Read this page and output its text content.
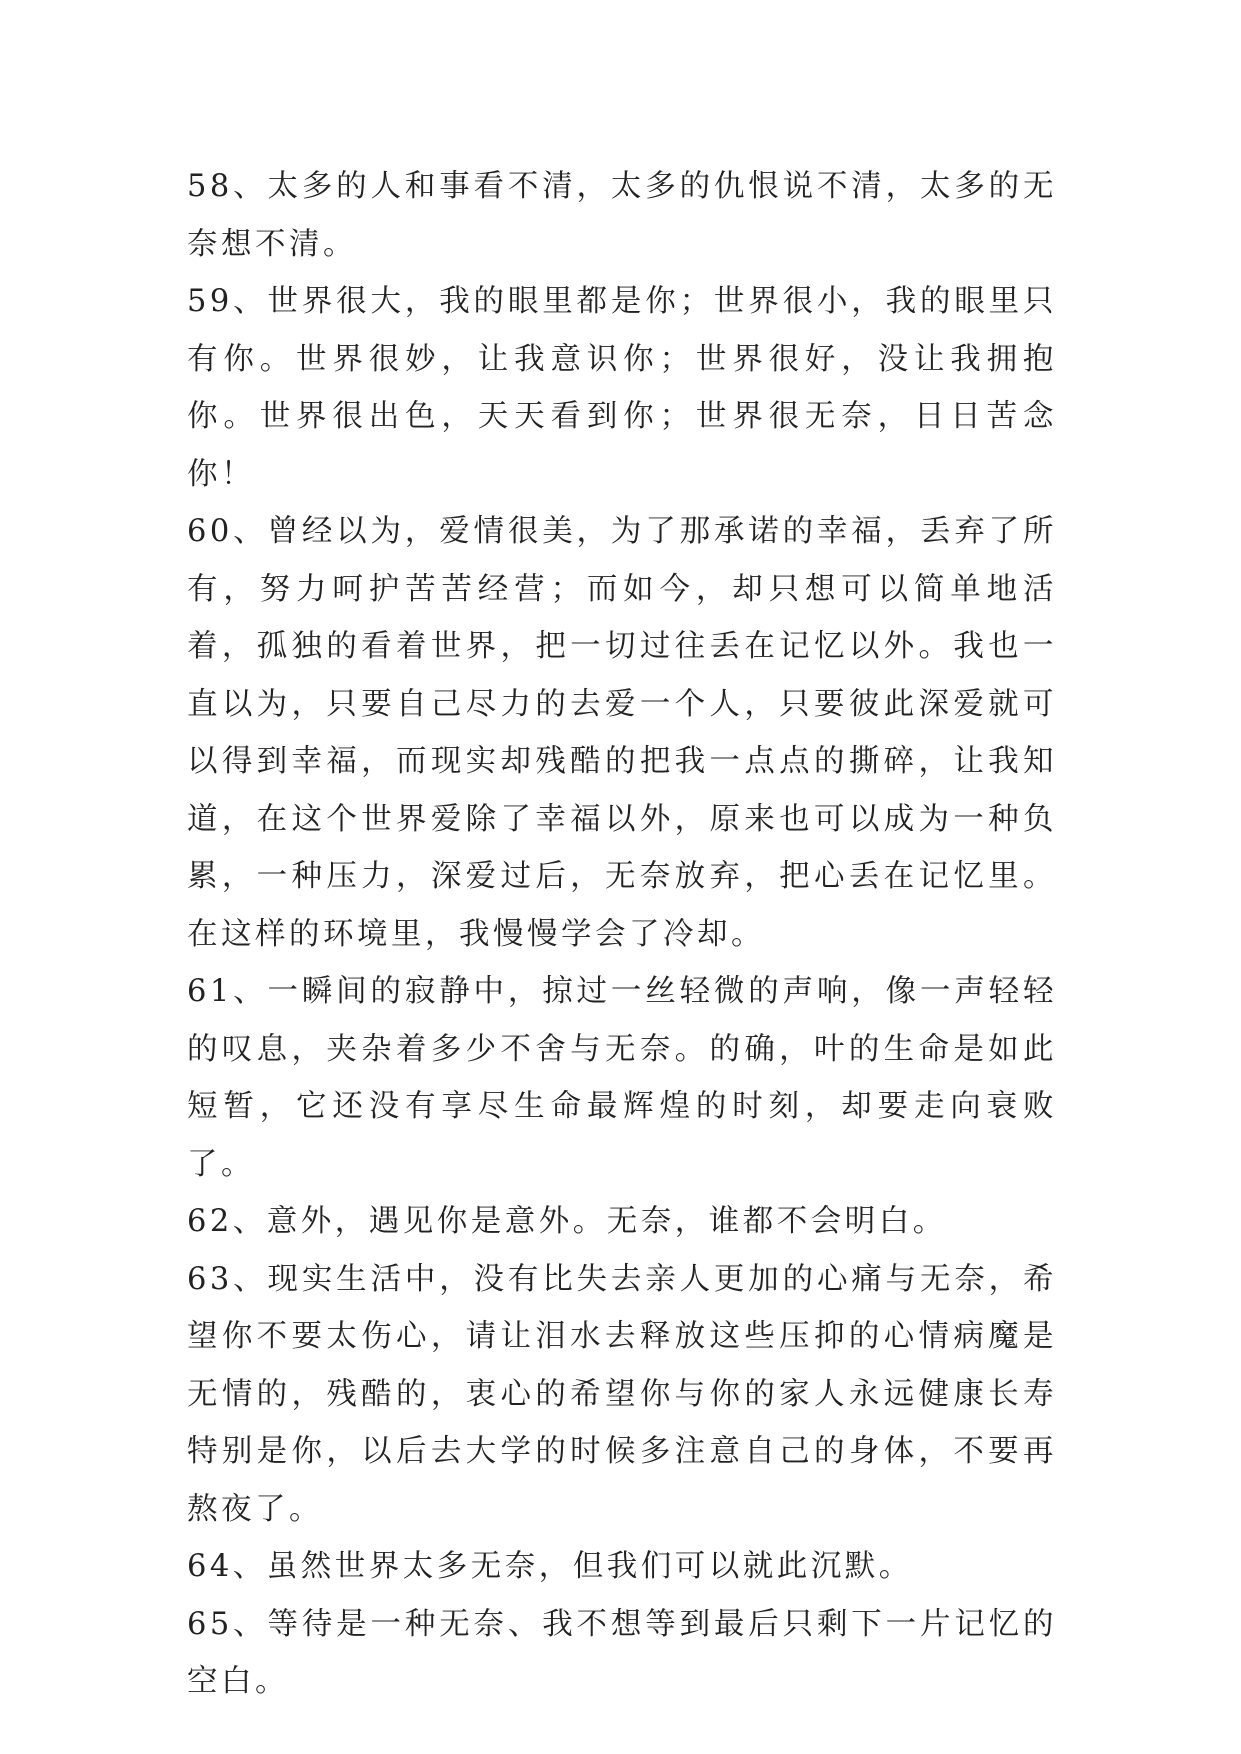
58、太多的人和事看不清，太多的仇恨说不清，太多的无奈想不清。

59、世界很大，我的眼里都是你；世界很小，我的眼里只有你。世界很妙，让我意识你；世界很好，没让我拥抱你。世界很出色，天天看到你；世界很无奈，日日苦念你！

60、曾经以为，爱情很美，为了那承诺的幸福，丢弃了所有，努力呵护苦苦经营；而如今，却只想可以简单地活着，孤独的看着世界，把一切过往丢在记忆以外。我也一直以为，只要自己尽力的去爱一个人，只要彼此深爱就可以得到幸福，而现实却残酷的把我一点点的撕碎，让我知道，在这个世界爱除了幸福以外，原来也可以成为一种负累，一种压力，深爱过后，无奈放弃，把心丢在记忆里。在这样的环境里，我慢慢学会了冷却。

61、一瞬间的寂静中，掠过一丝轻微的声响，像一声轻轻的叹息，夹杂着多少不舍与无奈。的确，叶的生命是如此短暂，它还没有享尽生命最辉煌的时刻，却要走向衰败了。

62、意外，遇见你是意外。无奈，谁都不会明白。

63、现实生活中，没有比失去亲人更加的心痛与无奈，希望你不要太伤心，请让泪水去释放这些压抑的心情病魔是无情的，残酷的，衷心的希望你与你的家人永远健康长寿特别是你，以后去大学的时候多注意自己的身体，不要再熬夜了。

64、虽然世界太多无奈，但我们可以就此沉默。

65、等待是一种无奈、我不想等到最后只剩下一片记忆的空白。
